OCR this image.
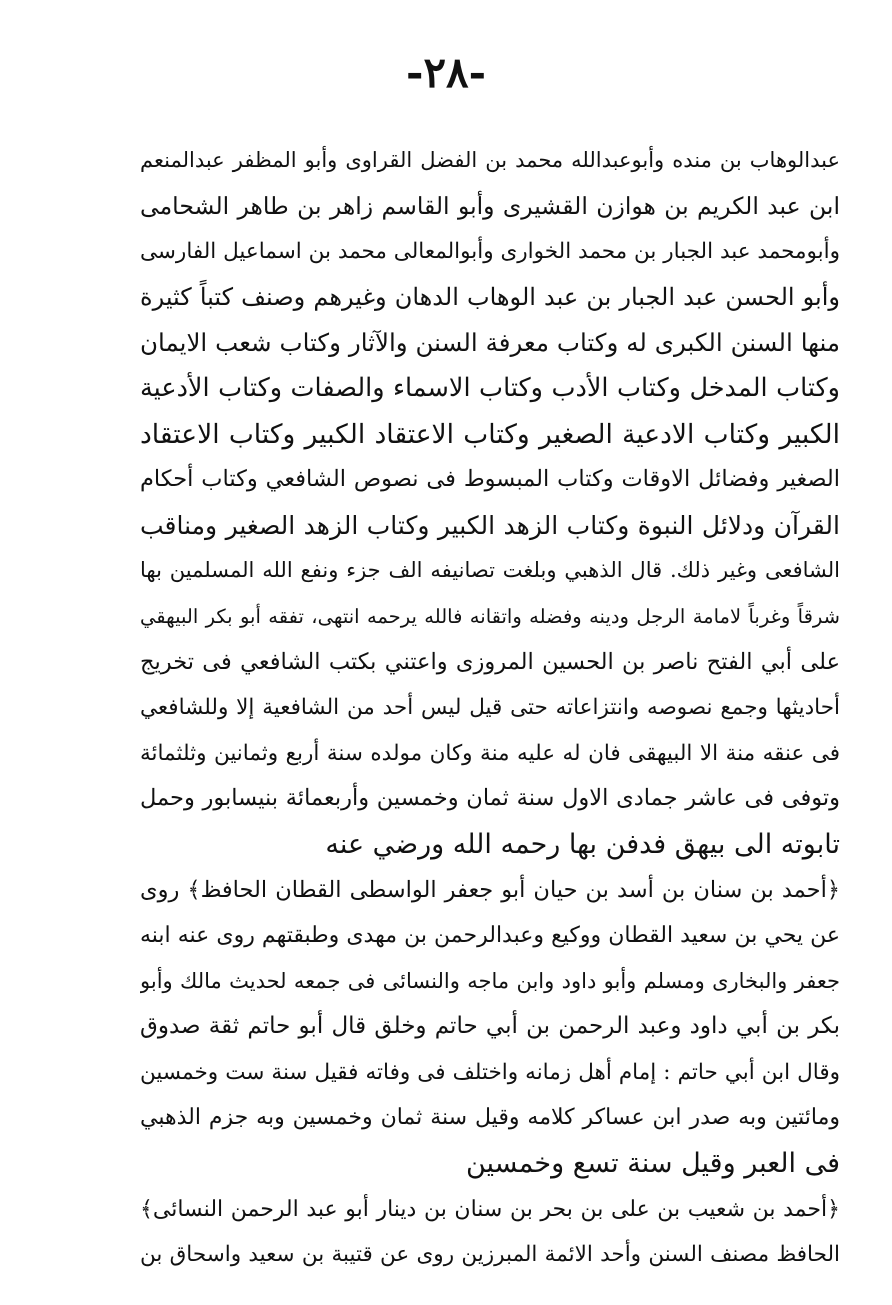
-٢٨-
عبدالوهاب بن منده وأبوعبدالله محمد بن الفضل القراوى وأبو المظفر عبدالمنعم
ابن عبد الكريم بن هوازن القشيرى وأبو القاسم زاهر بن طاهر الشحامى
وأبومحمد عبد الجبار بن محمد الخوارى وأبوالمعالى محمد بن اسماعيل الفارسى
وأبو الحسن عبد الجبار بن عبد الوهاب الدهان وغيرهم وصنف كتباً كثيرة
منها السنن الكبرى له وكتاب معرفة السنن والآثار وكتاب شعب الايمان
وكتاب المدخل وكتاب الأدب وكتاب الاسماء والصفات وكتاب الأدعية
الكبير وكتاب الادعية الصغير وكتاب الاعتقاد الكبير وكتاب الاعتقاد
الصغير وفضائل الاوقات وكتاب المبسوط فى نصوص الشافعي وكتاب أحكام
القرآن ودلائل النبوة وكتاب الزهد الكبير وكتاب الزهد الصغير ومناقب
الشافعى وغير ذلك. قال الذهبي وبلغت تصانيفه الف جزء ونفع الله المسلمين بها
شرقاً وغرباً لامامة الرجل ودينه وفضله واتقانه فالله يرحمه انتهى، تفقه أبو بكر البيهقي
على أبي الفتح ناصر بن الحسين المروزى واعتني بكتب الشافعي فى تخريج
أحاديثها وجمع نصوصه وانتزاعاته حتى قيل ليس أحد من الشافعية إلا وللشافعي
فى عنقه منة الا البيهقى فان له عليه منة وكان مولده سنة أربع وثمانين وثلثمائة
وتوفى فى عاشر جمادى الاول سنة ثمان وخمسين وأربعمائة بنيسابور وحمل
تابوته الى بيهق فدفن بها رحمه الله ورضي عنه
﴿أحمد بن سنان بن أسد بن حيان أبو جعفر الواسطى القطان الحافظ﴾ روى
عن يحي بن سعيد القطان ووكيع وعبدالرحمن بن مهدى وطبقتهم روى عنه ابنه
جعفر والبخارى ومسلم وأبو داود وابن ماجه والنسائى فى جمعه لحديث مالك وأبو
بكر بن أبي داود وعبد الرحمن بن أبي حاتم وخلق قال أبو حاتم ثقة صدوق
وقال ابن أبي حاتم : إمام أهل زمانه واختلف فى وفاته فقيل سنة ست وخمسين
ومائتين وبه صدر ابن عساكر كلامه وقيل سنة ثمان وخمسين وبه جزم الذهبي
فى العبر وقيل سنة تسع وخمسين
﴿أحمد بن شعيب بن على بن بحر بن سنان بن دينار أبو عبد الرحمن النسائى﴾
الحافظ مصنف السنن وأحد الائمة المبرزين روى عن قتيبة بن سعيد واسحاق بن
